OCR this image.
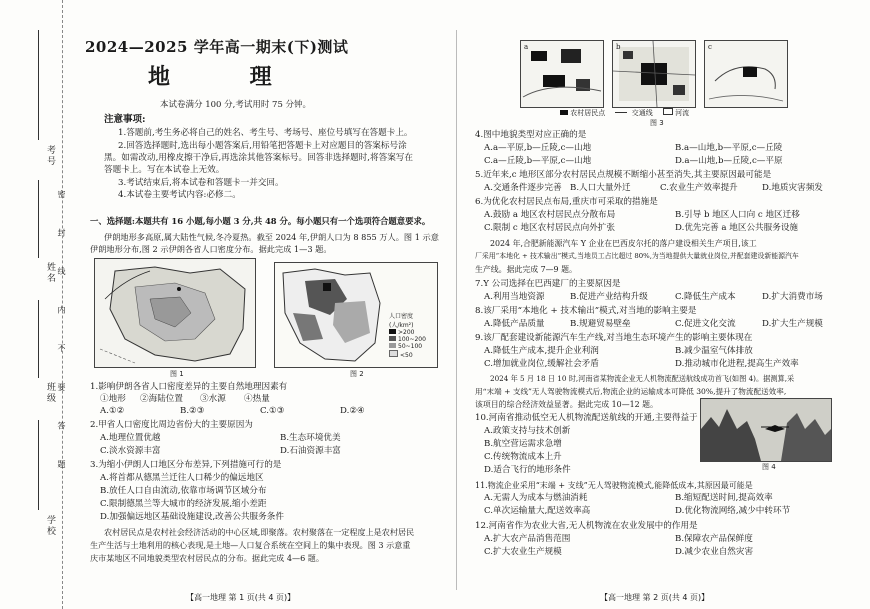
考号
姓名
班级
学校
密 封 线 内 不 要 答 题
2024—2025 学年高一期末(下)测试
地 理
本试卷满分 100 分,考试用时 75 分钟。
注意事项:
1.答题前,考生务必将自己的姓名、考生号、考场号、座位号填写在答题卡上。
2.回答选择题时,选出每小题答案后,用铅笔把答题卡上对应题目的答案标号涂
黑。如需改动,用橡皮擦干净后,再选涂其他答案标号。回答非选择题时,将答案写在
答题卡上。写在本试卷上无效。
3.考试结束后,将本试卷和答题卡一并交回。
4.本试卷主要考试内容:必修二。
一、选择题:本题共有 16 小题,每小题 3 分,共 48 分。每小题只有一个选项符合题意要求。
伊朗地形多高原,属大陆性气候,冬冷夏热。截至 2024 年,伊朗人口为 8 855 万人。图 1 示意
伊朗地形分布,图 2 示伊朗各省人口密度分布。据此完成 1—3 题。
图 1
人口密度
(人/km²)
>200
100~200
50~100
<50
图 2
1.影响伊朗各省人口密度差异的主要自然地理因素有
①地形 ②海陆位置 ③水源 ④热量
A.①②	B.②③	C.①③	D.②④
2.甲省人口密度比周边省份大的主要原因为
A.地理位置优越	B.生态环境优美
C.淡水资源丰富	D.石油资源丰富
3.为缩小伊朗人口地区分布差异,下列措施可行的是
A.将首都从德黑兰迁往人口稀少的偏远地区
B.放任人口自由流动,依靠市场调节区域分布
C.限制德黑兰等大城市的经济发展,缩小差距
D.加强偏远地区基础设施建设,改善公共服务条件
农村居民点是农村社会经济活动的中心区域,即聚落。农村聚落在一定程度上是农村居民
生产生活与土地利用的核心表现,是土地—人口复合系统在空间上的集中表现。图 3 示意重
庆市某地区不同地貌类型农村居民点的分布。据此完成 4—6 题。
【高一地理 第 1 页(共 4 页)】
a	b	c
农村居民点	交通线	河流
图 3
4.图中地貌类型对应正确的是
A.a—平原,b—丘陵,c—山地	B.a—山地,b—平原,c—丘陵
C.a—丘陵,b—平原,c—山地	D.a—山地,b—丘陵,c—平原
5.近年来,c 地形区部分农村居民点规模不断缩小甚至消失,其主要原因最可能是
A.交通条件逐步完善 B.人口大量外迁	C.农业生产效率提升	D.地质灾害频发
6.为优化农村居民点布局,重庆市可采取的措施是
A.鼓励 a 地区农村居民点分散布局	B.引导 b 地区人口向 c 地区迁移
C.限制 c 地区农村居民点向外扩张	D.优先完善 a 地区公共服务设施
2024 年,合肥新能源汽车 Y 企业在巴西皮尔托的落户建设相关生产项目,该工
厂采用“本地化 + 技术输出”模式,当地员工占比超过 80%,为当地提供大量就业岗位,并配套建设新能源汽车
生产线。据此完成 7—9 题。
7.Y 公司选择在巴西建厂的主要原因是
A.利用当地资源	B.促进产业结构升级	C.降低生产成本	D.扩大消费市场
8.该厂采用“本地化 + 技术输出”模式,对当地的影响主要是
A.降低产品质量	B.规避贸易壁垒	C.促进文化交流	D.扩大生产规模
9.该厂配套建设新能源汽车生产线,对当地生态环境产生的影响主要体现在
A.降低生产成本,提升企业利润	B.减少温室气体排放
C.增加就业岗位,缓解社会矛盾	D.推动城市化进程,提高生产效率
2024 年 5 月 18 日 10 时,河南省某物流企业无人机物流配送航线成功首飞(如图 4)。据测算,采
用“末端 + 支线”无人驾驶物流模式后,物流企业的运输成本可降低 30%,提升了物流配送效率,
该项目的综合经济效益显著。据此完成 10—12 题。
图 4
10.河南省推动低空无人机物流配送航线的开通,主要得益于
A.政策支持与技术创新
B.航空营运需求急增
C.传统物流成本上升
D.适合飞行的地形条件
11.物流企业采用“末端 + 支线”无人驾驶物流模式,能降低成本,其原因最可能是
A.无需人为成本与燃油消耗	B.缩短配送时间,提高效率
C.单次运输量大,配送效率高	D.优化物流网络,减少中转环节
12.河南省作为农业大省,无人机物流在农业发展中的作用是
A.扩大农产品消售范围	B.保障农产品保鲜度
C.扩大农业生产规模	D.减少农业自然灾害
【高一地理 第 2 页(共 4 页)】
